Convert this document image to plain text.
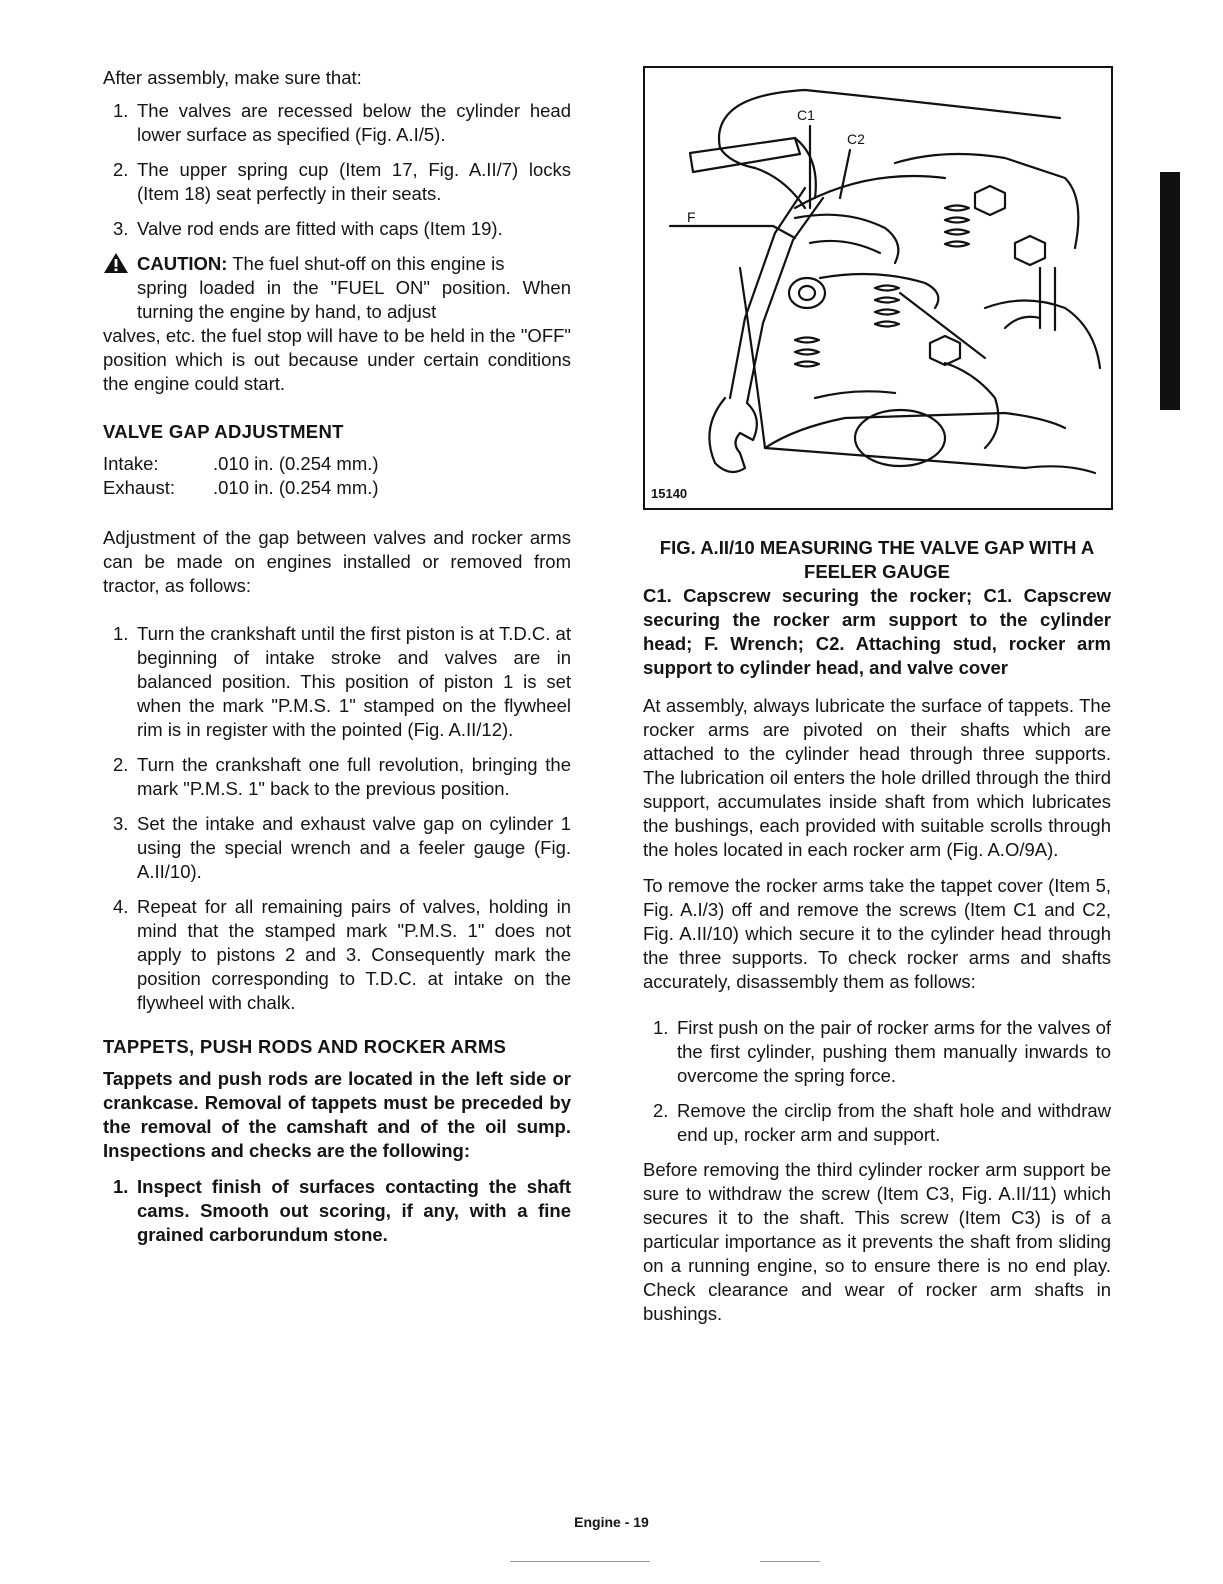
After assembly, make sure that:

1. The valves are recessed below the cylinder head lower surface as specified (Fig. A.I/5).
2. The upper spring cup (Item 17, Fig. A.II/7) locks (Item 18) seat perfectly in their seats.
3. Valve rod ends are fitted with caps (Item 19).
CAUTION: The fuel shut-off on this engine is
spring loaded in the "FUEL ON" position. When turning the engine by hand, to adjust
valves, etc. the fuel stop will have to be held in the "OFF" position which is out because under certain conditions the engine could start.
VALVE GAP ADJUSTMENT
Intake:	.010 in. (0.254 mm.)
Exhaust:	.010 in. (0.254 mm.)

Adjustment of the gap between valves and rocker arms can be made on engines installed or removed from tractor, as follows:

1. Turn the crankshaft until the first piston is at T.D.C. at beginning of intake stroke and valves are in balanced position. This position of piston 1 is set when the mark "P.M.S. 1" stamped on the flywheel rim is in register with the pointed (Fig. A.II/12).
2. Turn the crankshaft one full revolution, bringing the mark "P.M.S. 1" back to the previous position.
3. Set the intake and exhaust valve gap on cylinder 1 using the special wrench and a feeler gauge (Fig. A.II/10).
4. Repeat for all remaining pairs of valves, holding in mind that the stamped mark "P.M.S. 1" does not apply to pistons 2 and 3. Consequently mark the position corresponding to T.D.C. at intake on the flywheel with chalk.
TAPPETS, PUSH RODS AND ROCKER ARMS

Tappets and push rods are located in the left side or crankcase. Removal of tappets must be preceded by the removal of the camshaft and of the oil sump. Inspections and checks are the following:

1. Inspect finish of surfaces contacting the shaft cams. Smooth out scoring, if any, with a fine grained carborundum stone.
C1
C2
F
15140
FIG. A.II/10 MEASURING THE VALVE GAP WITH A FEELER GAUGE

C1. Capscrew securing the rocker; C1. Capscrew securing the rocker arm support to the cylinder head; F. Wrench; C2. Attaching stud, rocker arm support to cylinder head, and valve cover

At assembly, always lubricate the surface of tappets. The rocker arms are pivoted on their shafts which are attached to the cylinder head through three supports. The lubrication oil enters the hole drilled through the third support, accumulates inside shaft from which lubricates the bushings, each provided with suitable scrolls through the holes located in each rocker arm (Fig. A.O/9A).

To remove the rocker arms take the tappet cover (Item 5, Fig. A.I/3) off and remove the screws (Item C1 and C2, Fig. A.II/10) which secure it to the cylinder head through the three supports. To check rocker arms and shafts accurately, disassembly them as follows:

1. First push on the pair of rocker arms for the valves of the first cylinder, pushing them manually inwards to overcome the spring force.
2. Remove the circlip from the shaft hole and withdraw end up, rocker arm and support.

Before removing the third cylinder rocker arm support be sure to withdraw the screw (Item C3, Fig. A.II/11) which secures it to the shaft. This screw (Item C3) is of a particular importance as it prevents the shaft from sliding on a running engine, so to ensure there is no end play. Check clearance and wear of rocker arm shafts in bushings.

Engine - 19
